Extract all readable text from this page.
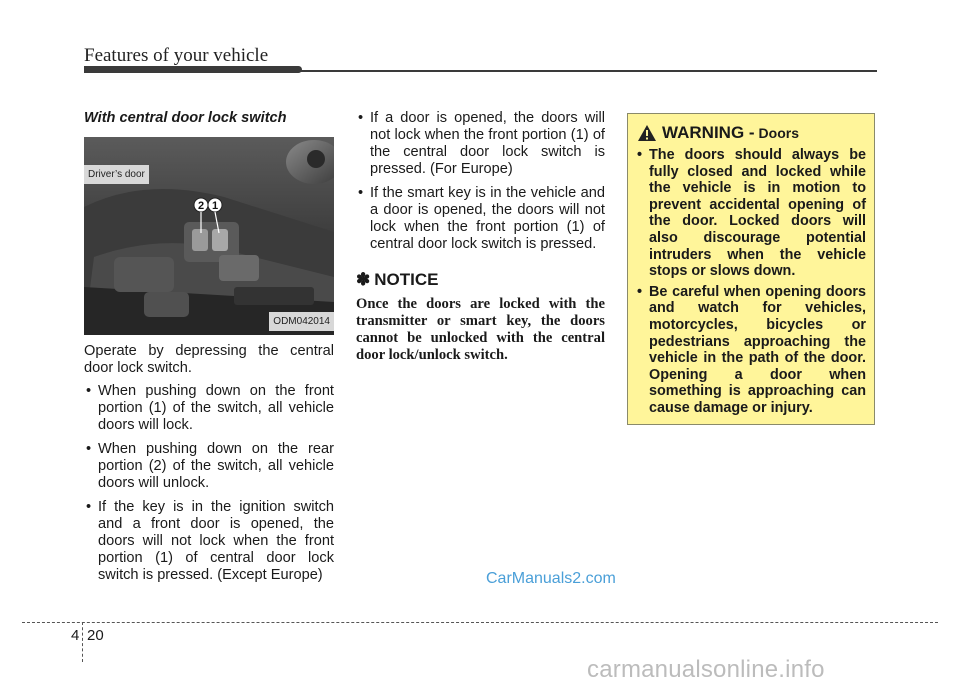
Features of your vehicle
With central door lock switch
Driver’s door
2 1
ODM042014

Operate by depressing the central door lock switch.

• When pushing down on the front portion (1) of the switch, all vehicle doors will lock.
• When pushing down on the rear portion (2) of the switch, all vehicle doors will unlock.
• If the key is in the ignition switch and a front door is opened, the doors will not lock when the front portion (1) of central door lock switch is pressed. (Except Europe)
• If a door is opened, the doors will not lock when the front portion (1) of the central door lock switch is pressed. (For Europe)
• If the smart key is in the vehicle and a door is opened, the doors will not lock when the front portion (1) of central door lock switch is pressed.
✽ NOTICE
Once the doors are locked with the transmitter or smart key, the doors cannot be unlocked with the central door lock/unlock switch.
WARNING - Doors
• The doors should always be fully closed and locked while the vehicle is in motion to prevent accidental opening of the door. Locked doors will also discourage potential intruders when the vehicle stops or slows down.
• Be careful when opening doors and watch for vehicles, motorcycles, bicycles or pedestrians approaching the vehicle in the path of the door. Opening a door when something is approaching can cause damage or injury.
CarManuals2.com
4 20
carmanualsonline.info
